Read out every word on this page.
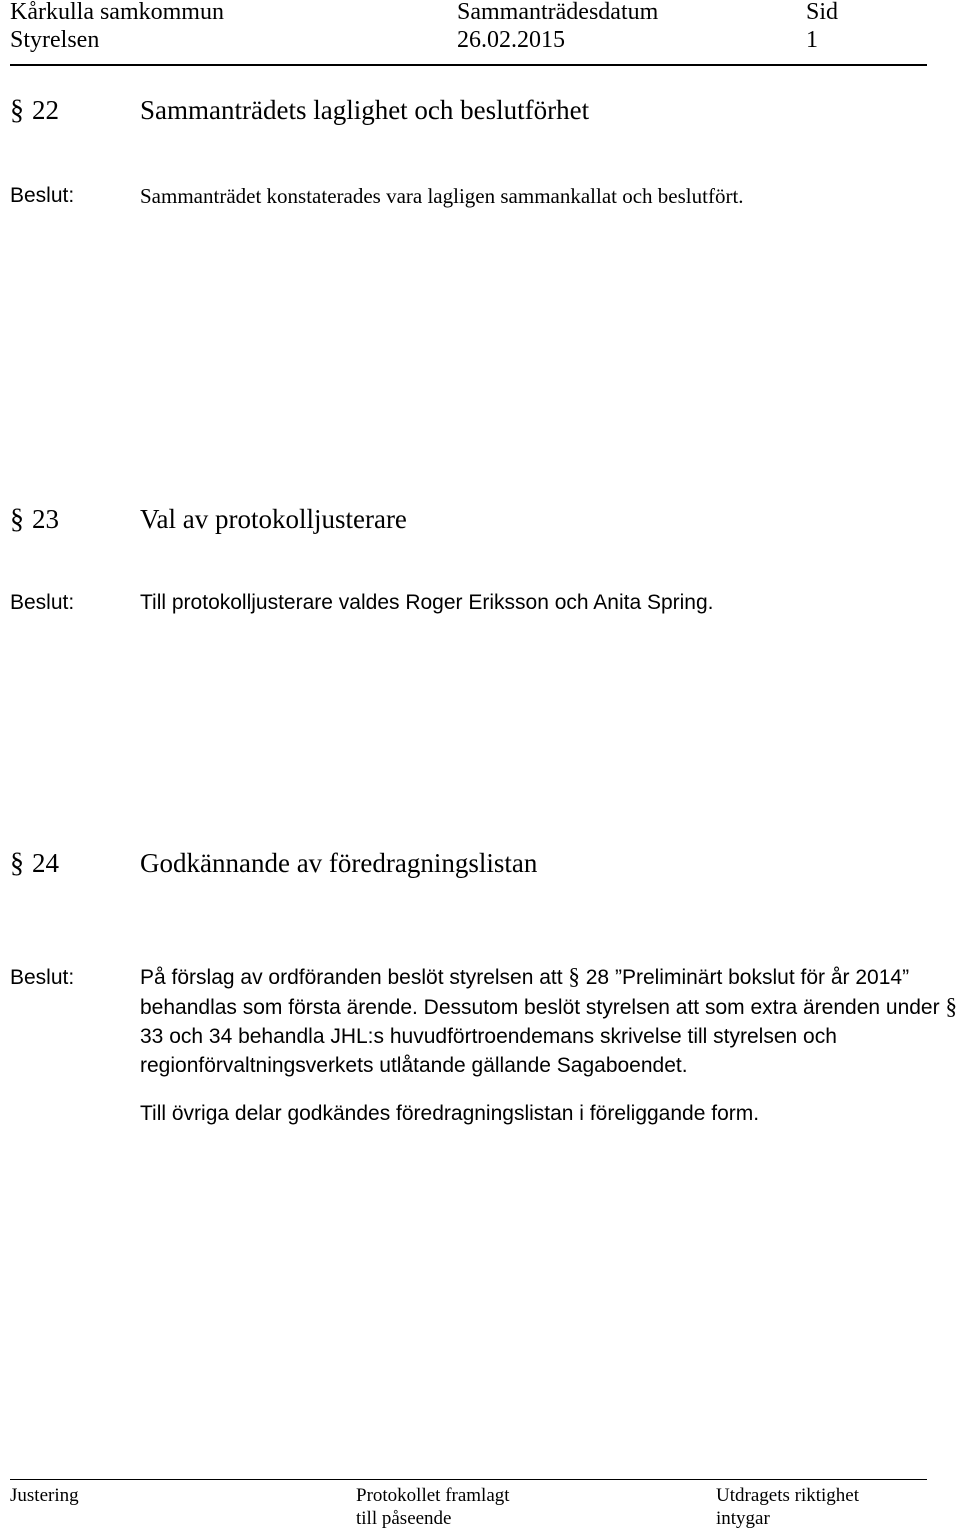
Kårkulla samkommun
Styrelsen
Sammanträdesdatum
26.02.2015
Sid
1
§ 22	Sammanträdets laglighet och beslutförhet
Beslut:	Sammanträdet konstaterades vara lagligen sammankallat och beslutfört.
§ 23	Val av protokolljusterare
Beslut:	Till protokolljusterare valdes Roger Eriksson och Anita Spring.
§ 24	Godkännande av föredragningslistan
Beslut:	På förslag av ordföranden beslöt styrelsen att § 28 ”Preliminärt bokslut för år 2014”
behandlas som första ärende. Dessutom beslöt styrelsen att som extra ärenden under §
33 och 34 behandla JHL:s huvudförtroendemans skrivelse till styrelsen och
regionförvaltningsverkets utlåtande gällande Sagaboendet.
Till övriga delar godkändes föredragningslistan i föreliggande form.
Justering	Protokollet framlagt
till påseende
Utdragets riktighet
intygar
